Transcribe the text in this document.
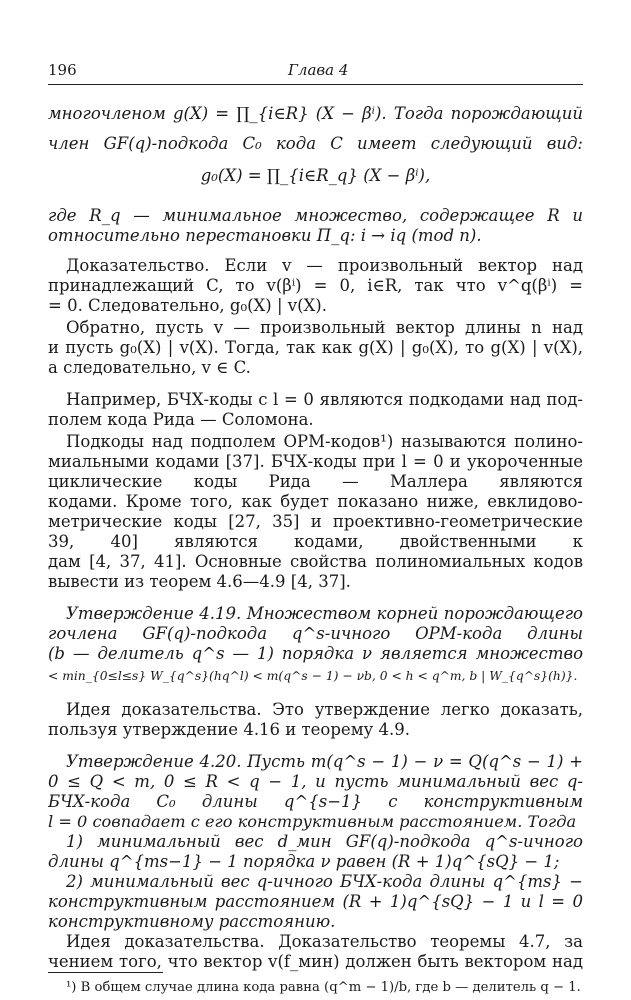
196	Глава 4
многочленом g(X) = ∏_{i∈R} (X − βⁱ). Тогда порождающий
член GF(q)-подкода C₀ кода C имеет следующий вид:
g₀(X) = ∏_{i∈R_q} (X − βⁱ),
где R_q — минимальное множество, содержащее R и
относительно перестановки Π_q: i → iq (mod n).
Доказательство. Если v — произвольный вектор над
принадлежащий C, то v(βⁱ) = 0, i∈R, так что v^q(βⁱ) =
= 0. Следовательно, g₀(X) | v(X).
Обратно, пусть v — произвольный вектор длины n над
и пусть g₀(X) | v(X). Тогда, так как g(X) | g₀(X), то g(X) | v(X),
а следовательно, v ∈ C.
Например, БЧХ-коды с l = 0 являются подкодами над под-
полем кода Рида — Соломона.
Подкоды над подполем ОРМ-кодов¹) называются полино-
миальными кодами [37]. БЧХ-коды при l = 0 и укороченные
циклические коды Рида — Маллера являются
кодами. Кроме того, как будет показано ниже, евклидово-
метрические коды [27, 35] и проективно-геометрические
39, 40] являются кодами, двойственными к
дам [4, 37, 41]. Основные свойства полиномиальных кодов
вывести из теорем 4.6—4.9 [4, 37].
Утверждение 4.19. Множеством корней порождающего
гочлена GF(q)-подкода q^s-ичного ОРМ-кода длины
(b — делитель q^s — 1) порядка ν является множество
< min_{0≤l≤s} W_{q^s}(hq^l) < m(q^s − 1) − νb, 0 < h < q^m, b | W_{q^s}(h)}.
Идея доказательства. Это утверждение легко доказать,
пользуя утверждение 4.16 и теорему 4.9.
Утверждение 4.20. Пусть m(q^s − 1) − ν = Q(q^s − 1) +
0 ≤ Q < m, 0 ≤ R < q − 1, и пусть минимальный вес q-
БЧХ-кода C₀ длины q^{s−1} с конструктивным
l = 0 совпадает с его конструктивным расстоянием. Тогда
1) минимальный вес d_мин GF(q)-подкода q^s-ичного
длины q^{ms−1} − 1 порядка ν равен (R + 1)q^{sQ} − 1;
2) минимальный вес q-ичного БЧХ-кода длины q^{ms} −
конструктивным расстоянием (R + 1)q^{sQ} − 1 и l = 0
конструктивному расстоянию.
Идея доказательства. Доказательство теоремы 4.7, за
чением того, что вектор v(f_мин) должен быть вектором над
¹) В общем случае длина кода равна (q^m − 1)/b, где b — делитель q − 1.
